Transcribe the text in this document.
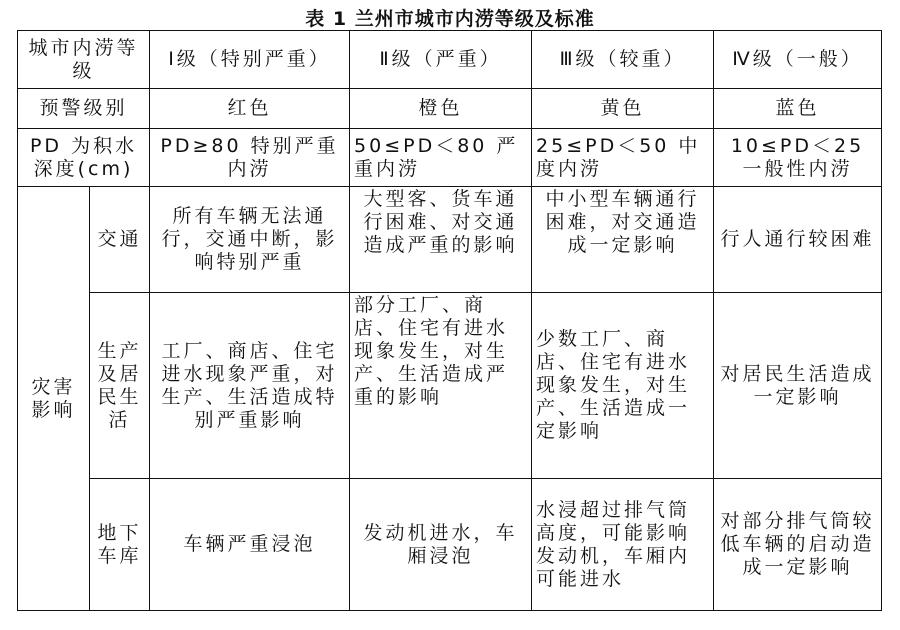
表 1 兰州市城市内涝等级及标准
城市内涝等级		Ⅰ级（特别严重）	Ⅱ级（严重）	Ⅲ级（较重）	Ⅳ级（一般）
预警级别		红色	橙色	黄色	蓝色
PD 为积水深度(cm)		PD≥80 特别严重内涝	50≤PD＜80 严重内涝	25≤PD＜50 中度内涝	10≤PD＜25 一般性内涝
灾害影响	交通	所有车辆无法通行，交通中断，影响特别严重	大型客、货车通行困难、对交通造成严重的影响	中小型车辆通行困难，对交通造成一定影响	行人通行较困难
	生产及居民生活	工厂、商店、住宅进水现象严重，对生产、生活造成特别严重影响	部分工厂、商店、住宅有进水现象发生，对生产、生活造成严重的影响	少数工厂、商店、住宅有进水现象发生，对生产、生活造成一定影响	对居民生活造成一定影响
	地下车库	车辆严重浸泡	发动机进水，车厢浸泡	水浸超过排气筒高度，可能影响发动机，车厢内可能进水	对部分排气筒较低车辆的启动造成一定影响
